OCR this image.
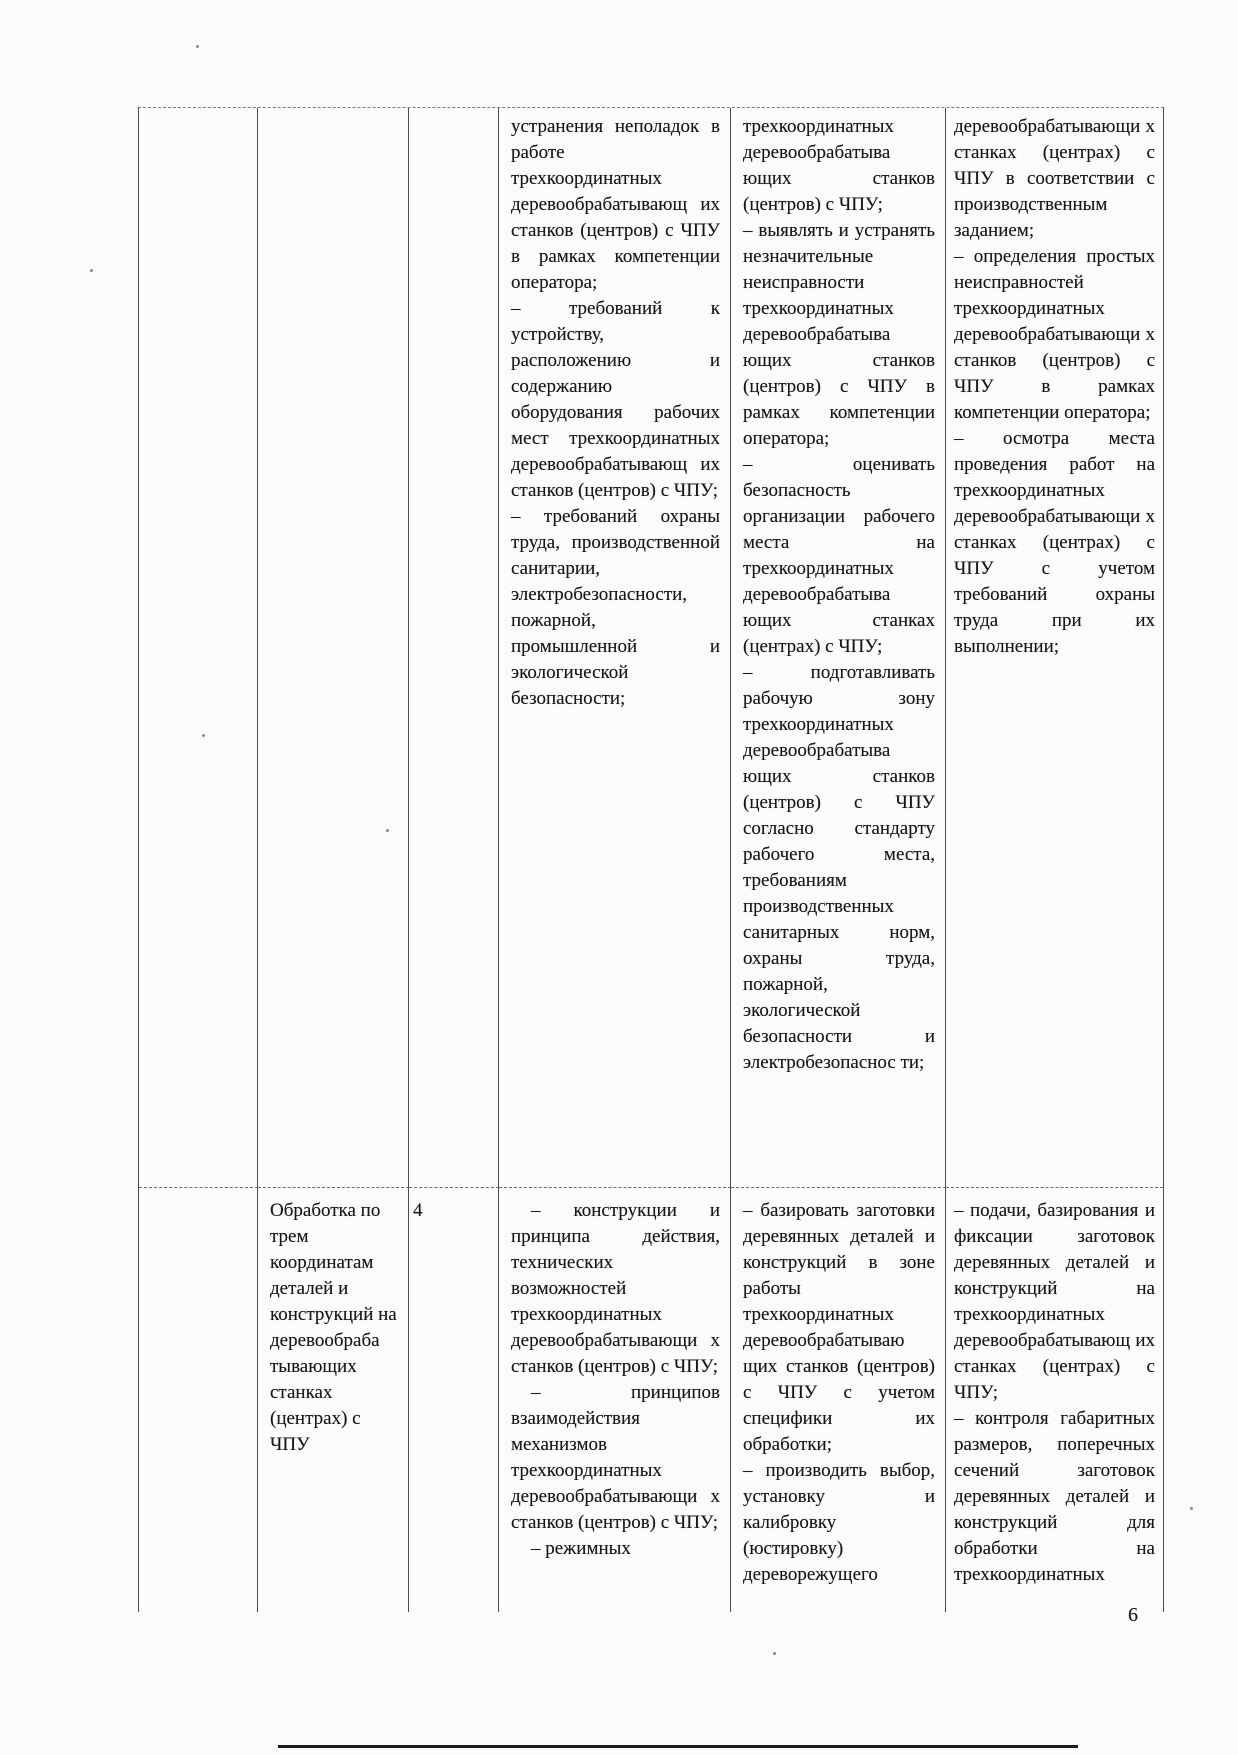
устранения неполадок в работе трехкоординатных деревообрабатывающ их станков (центров) с ЧПУ в рамках компетенции оператора;

– требований к устройству, расположению и содержанию оборудования рабочих мест трехкоординатных деревообрабатывающ их станков (центров) с ЧПУ;

– требований охраны труда, производственной санитарии, электробезопасности, пожарной, промышленной и экологической безопасности;

трехкоординатных деревообрабатыва ющих станков (центров) с ЧПУ;

– выявлять и устранять незначительные неисправности трехкоординатных деревообрабатыва ющих станков (центров) с ЧПУ в рамках компетенции оператора;

– оценивать безопасность организации рабочего места на трехкоординатных деревообрабатыва ющих станках (центрах) с ЧПУ;

– подготавливать рабочую зону трехкоординатных деревообрабатыва ющих станков (центров) с ЧПУ согласно стандарту рабочего места, требованиям производственных санитарных норм, охраны труда, пожарной, экологической безопасности и электробезопаснос ти;

деревообрабатывающи х станках (центрах) с ЧПУ в соответствии с производственным заданием;

– определения простых неисправностей трехкоординатных деревообрабатывающи х станков (центров) с ЧПУ в рамках компетенции оператора;

– осмотра места проведения работ на трехкоординатных деревообрабатывающи х станках (центрах) с ЧПУ с учетом требований охраны труда при их выполнении;

Обработка по трем координатам деталей и конструкций на деревообраба тывающих станках (центрах) с ЧПУ

4	– конструкции и принципа действия, технических возможностей трехкоординатных деревообрабатывающи х станков (центров) с ЧПУ;

– принципов взаимодействия механизмов трехкоординатных деревообрабатывающи х станков (центров) с ЧПУ;

– режимных

– базировать заготовки деревянных деталей и конструкций в зоне работы трехкоординатных деревообрабатываю щих станков (центров) с ЧПУ с учетом специфики их обработки;

– производить выбор, установку и калибровку (юстировку) дереворежущего

– подачи, базирования и фиксации заготовок деревянных деталей и конструкций на трехкоординатных деревообрабатывающ их станках (центрах) с ЧПУ;

– контроля габаритных размеров, поперечных сечений заготовок деревянных деталей и конструкций для обработки на трехкоординатных

6
